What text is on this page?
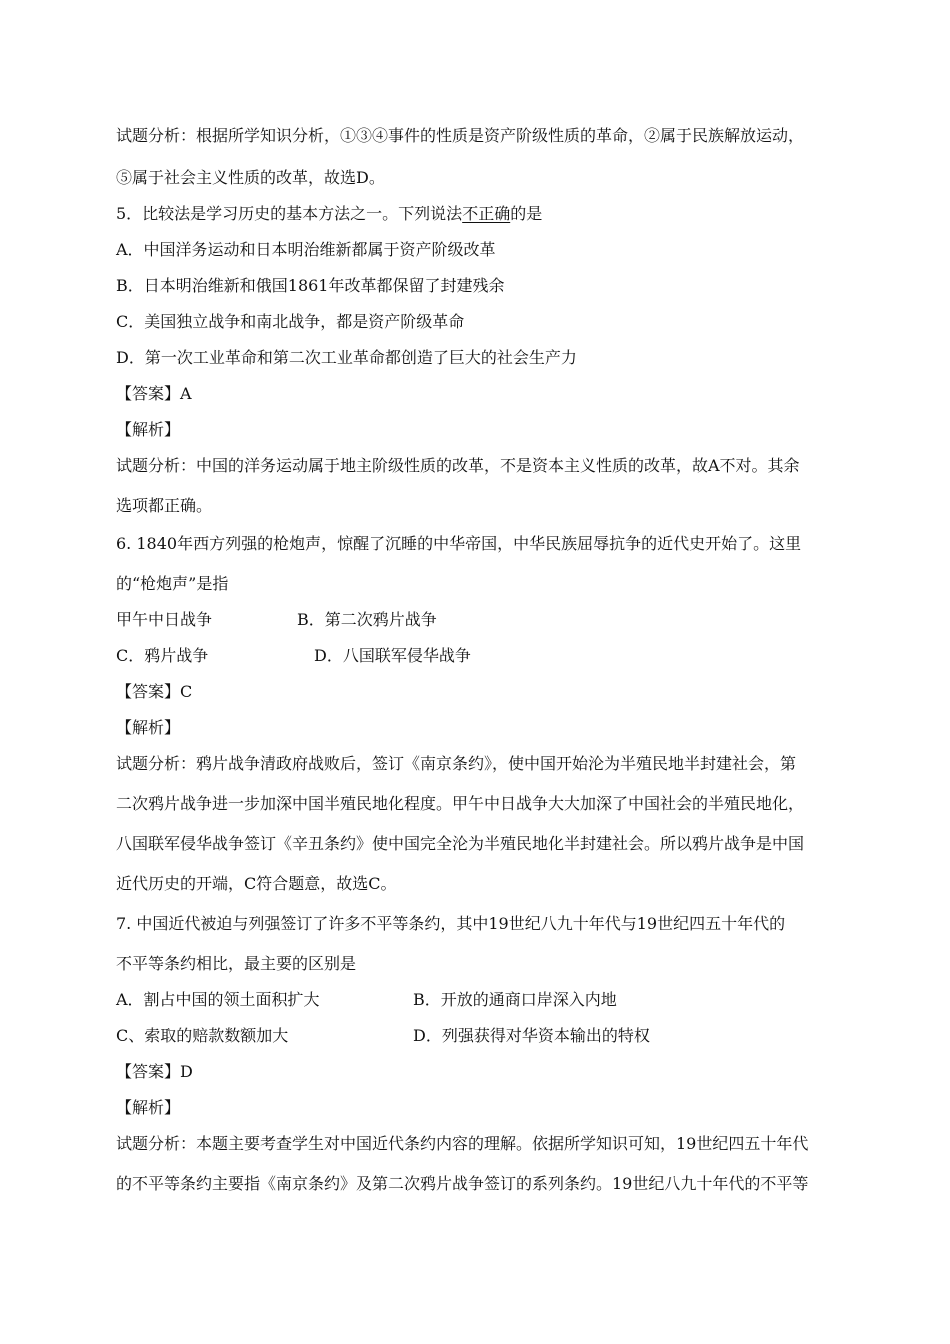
试题分析：根据所学知识分析，①③④事件的性质是资产阶级性质的革命，②属于民族解放运动，
⑤属于社会主义性质的改革，故选D。
5．比较法是学习历史的基本方法之一。下列说法不正确的是
A．中国洋务运动和日本明治维新都属于资产阶级改革
B．日本明治维新和俄国1861年改革都保留了封建残余
C．美国独立战争和南北战争，都是资产阶级革命
D．第一次工业革命和第二次工业革命都创造了巨大的社会生产力
【答案】A
【解析】
试题分析：中国的洋务运动属于地主阶级性质的改革，不是资本主义性质的改革，故A不对。其余
选项都正确。
6. 1840年西方列强的枪炮声，惊醒了沉睡的中华帝国，中华民族屈辱抗争的近代史开始了。这里
的“枪炮声”是指
甲午中日战争	B．第二次鸦片战争
C．鸦片战争	D．八国联军侵华战争
【答案】C
【解析】
试题分析：鸦片战争清政府战败后，签订《南京条约》，使中国开始沦为半殖民地半封建社会，第
二次鸦片战争进一步加深中国半殖民地化程度。甲午中日战争大大加深了中国社会的半殖民地化，
八国联军侵华战争签订《辛丑条约》使中国完全沦为半殖民地化半封建社会。所以鸦片战争是中国
近代历史的开端，C符合题意，故选C。
7. 中国近代被迫与列强签订了许多不平等条约，其中19世纪八九十年代与19世纪四五十年代的
不平等条约相比，最主要的区别是
A．割占中国的领土面积扩大	B．开放的通商口岸深入内地
C、索取的赔款数额加大	D．列强获得对华资本输出的特权
【答案】D
【解析】
试题分析：本题主要考查学生对中国近代条约内容的理解。依据所学知识可知，19世纪四五十年代
的不平等条约主要指《南京条约》及第二次鸦片战争签订的系列条约。19世纪八九十年代的不平等
